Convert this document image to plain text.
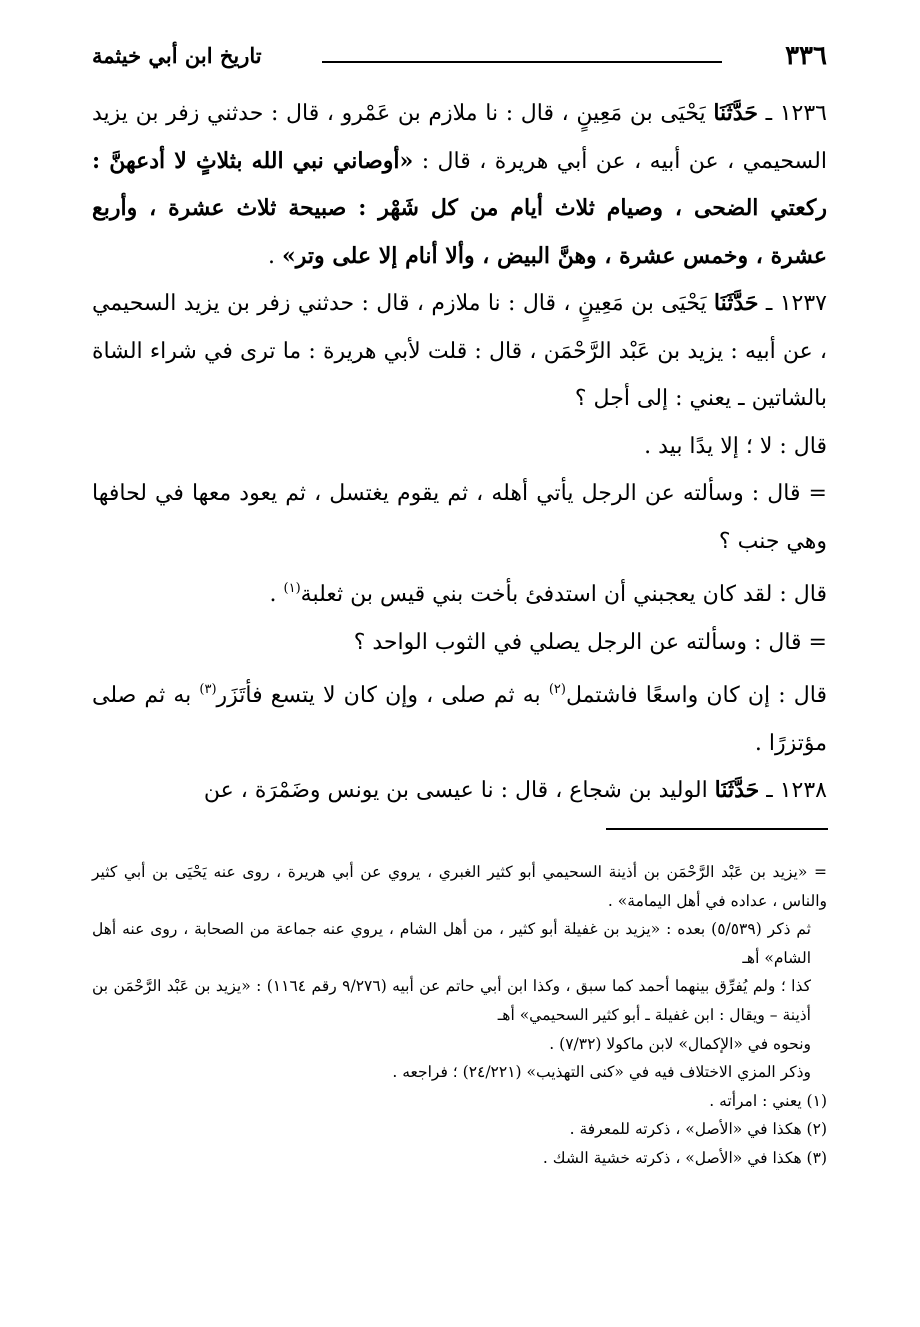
٣٣٦
تاريخ ابن أبي خيثمة

١٢٣٦ ـ حَدَّثَنَا يَحْيَى بن مَعِينٍ ، قال : نا ملازم بن عَمْرو ، قال : حدثني زفر بن يزيد السحيمي ، عن أبيه ، عن أبي هريرة ، قال : «أوصاني نبي الله بثلاثٍ لا أدعهنَّ : ركعتي الضحى ، وصيام ثلاث أيام من كل شَهْر : صبيحة ثلاث عشرة ، وأربع عشرة ، وخمس عشرة ، وهنَّ البيض ، وألا أنام إلا على وتر» .

١٢٣٧ ـ حَدَّثَنَا يَحْيَى بن مَعِينٍ ، قال : نا ملازم ، قال : حدثني زفر بن يزيد السحيمي ، عن أبيه : يزيد بن عَبْد الرَّحْمَن ، قال : قلت لأبي هريرة : ما ترى في شراء الشاة بالشاتين ـ يعني : إلى أجل ؟

قال : لا ؛ إلا يدًا بيد .

= قال : وسألته عن الرجل يأتي أهله ، ثم يقوم يغتسل ، ثم يعود معها في لحافها وهي جنب ؟

قال : لقد كان يعجبني أن استدفئ بأخت بني قيس بن ثعلبة$^{(١)}$ .

= قال : وسألته عن الرجل يصلي في الثوب الواحد ؟

قال : إن كان واسعًا فاشتمل$^{(٢)}$ به ثم صلى ، وإن كان لا يتسع فأتَزَر$^{(٣)}$ به ثم صلى مؤتزرًا .

١٢٣٨ ـ حَدَّثَنَا الوليد بن شجاع ، قال : نا عيسى بن يونس وضَمْرَة ، عن

= «يزيد بن عَبْد الرَّحْمَن بن أذينة السحيمي أبو كثير الغبري ، يروي عن أبي هريرة ، روى عنه يَحْيَى بن أبي كثير والناس ، عداده في أهل اليمامة» .

ثم ذكر (٥/٥٣٩) بعده : «يزيد بن غفيلة أبو كثير ، من أهل الشام ، يروي عنه جماعة من الصحابة ، روى عنه أهل الشام» أهـ

كذا ؛ ولم يُفرِّق بينهما أحمد كما سبق ، وكذا ابن أبي حاتم عن أبيه (٩/٢٧٦ رقم ١١٦٤) : «يزيد بن عَبْد الرَّحْمَن بن أذينة – ويقال : ابن غفيلة ـ أبو كثير السحيمي» أهـ

ونحوه في «الإكمال» لابن ماكولا (٧/٣٢) .

وذكر المزي الاختلاف فيه في «كنى التهذيب» (٢٤/٢٢١) ؛ فراجعه .

(١) يعني : امرأته .

(٢) هكذا في «الأصل» ، ذكرته للمعرفة .

(٣) هكذا في «الأصل» ، ذكرته خشية الشك .
